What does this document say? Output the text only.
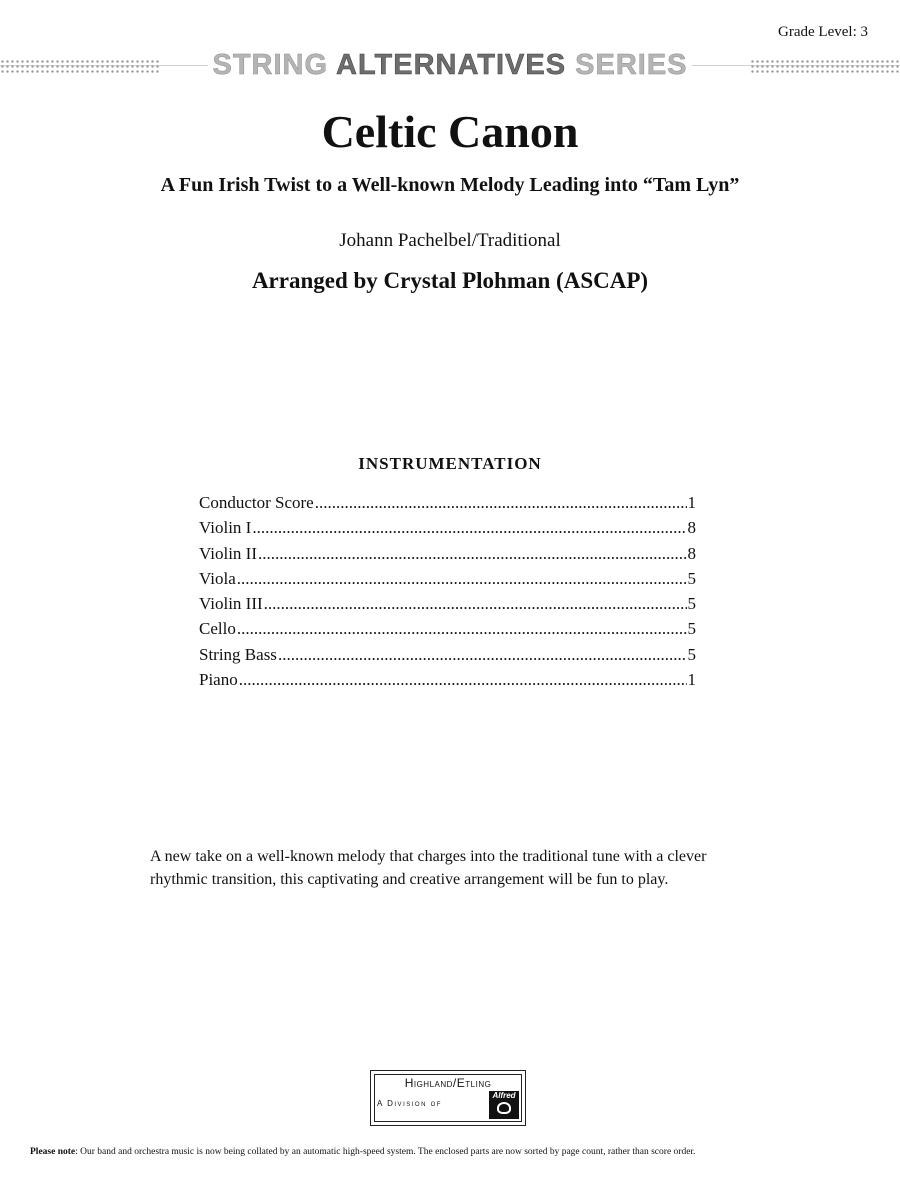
Grade Level: 3
STRING ALTERNATIVES SERIES
Celtic Canon
A Fun Irish Twist to a Well-known Melody Leading into “Tam Lyn”
Johann Pachelbel/Traditional
Arranged by Crystal Plohman (ASCAP)
INSTRUMENTATION
Conductor Score .....	1
Violin I .....	8
Violin II .....	8
Viola .....	5
Violin III .....	5
Cello .....	5
String Bass .....	5
Piano .....	1
A new take on a well-known melody that charges into the traditional tune with a clever rhythmic transition, this captivating and creative arrangement will be fun to play.
Highland/Etling
A Division of
Alfred
Please note: Our band and orchestra music is now being collated by an automatic high-speed system. The enclosed parts are now sorted by page count, rather than score order.
